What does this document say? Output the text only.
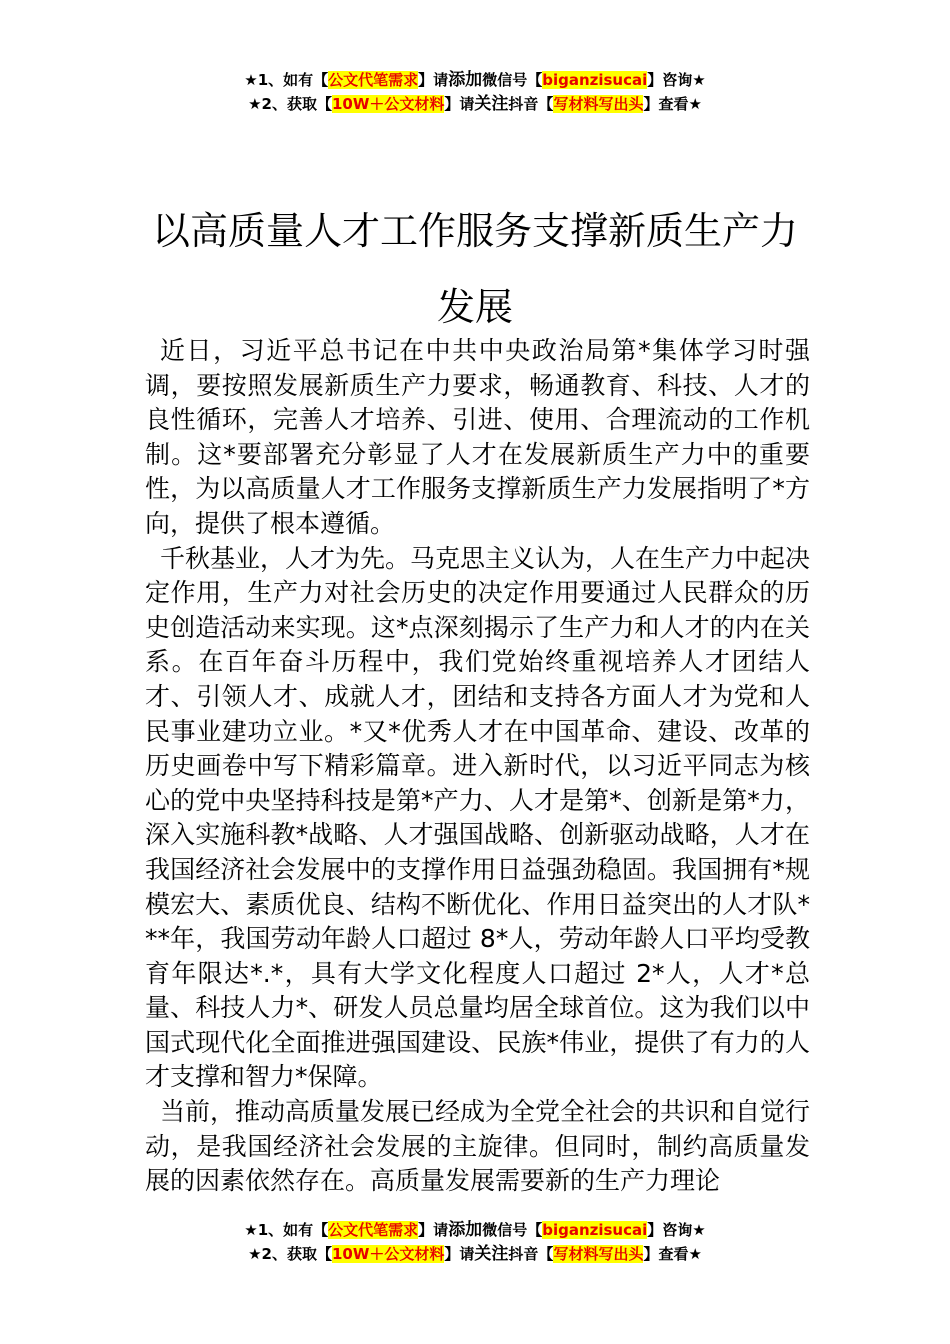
★1、如有【公文代笔需求】请添加微信号【biganzisucai】咨询★
★2、获取【10W＋公文材料】请关注抖音【写材料写出头】查看★
以高质量人才工作服务支撑新质生产力发展

近日，习近平总书记在中共中央政治局第*集体学习时强调，要按照发展新质生产力要求，畅通教育、科技、人才的良性循环，完善人才培养、引进、使用、合理流动的工作机制。这*要部署充分彰显了人才在发展新质生产力中的重要性，为以高质量人才工作服务支撑新质生产力发展指明了*方向，提供了根本遵循。

千秋基业，人才为先。马克思主义认为，人在生产力中起决定作用，生产力对社会历史的决定作用要通过人民群众的历史创造活动来实现。这*点深刻揭示了生产力和人才的内在关系。在百年奋斗历程中，我们党始终重视培养人才团结人才、引领人才、成就人才，团结和支持各方面人才为党和人民事业建功立业。*又*优秀人才在中国革命、建设、改革的历史画卷中写下精彩篇章。进入新时代，以习近平同志为核心的党中央坚持科技是第*产力、人才是第*、创新是第*力，深入实施科教*战略、人才强国战略、创新驱动战略，人才在我国经济社会发展中的支撑作用日益强劲稳固。我国拥有*规模宏大、素质优良、结构不断优化、作用日益突出的人才队***年，我国劳动年龄人口超过 8*人，劳动年龄人口平均受教育年限达*.*，具有大学文化程度人口超过 2*人，人才*总量、科技人力*、研发人员总量均居全球首位。这为我们以中国式现代化全面推进强国建设、民族*伟业，提供了有力的人才支撑和智力*保障。

当前，推动高质量发展已经成为全党全社会的共识和自觉行动，是我国经济社会发展的主旋律。但同时，制约高质量发展的因素依然存在。高质量发展需要新的生产力理论

★1、如有【公文代笔需求】请添加微信号【biganzisucai】咨询★
★2、获取【10W＋公文材料】请关注抖音【写材料写出头】查看★
